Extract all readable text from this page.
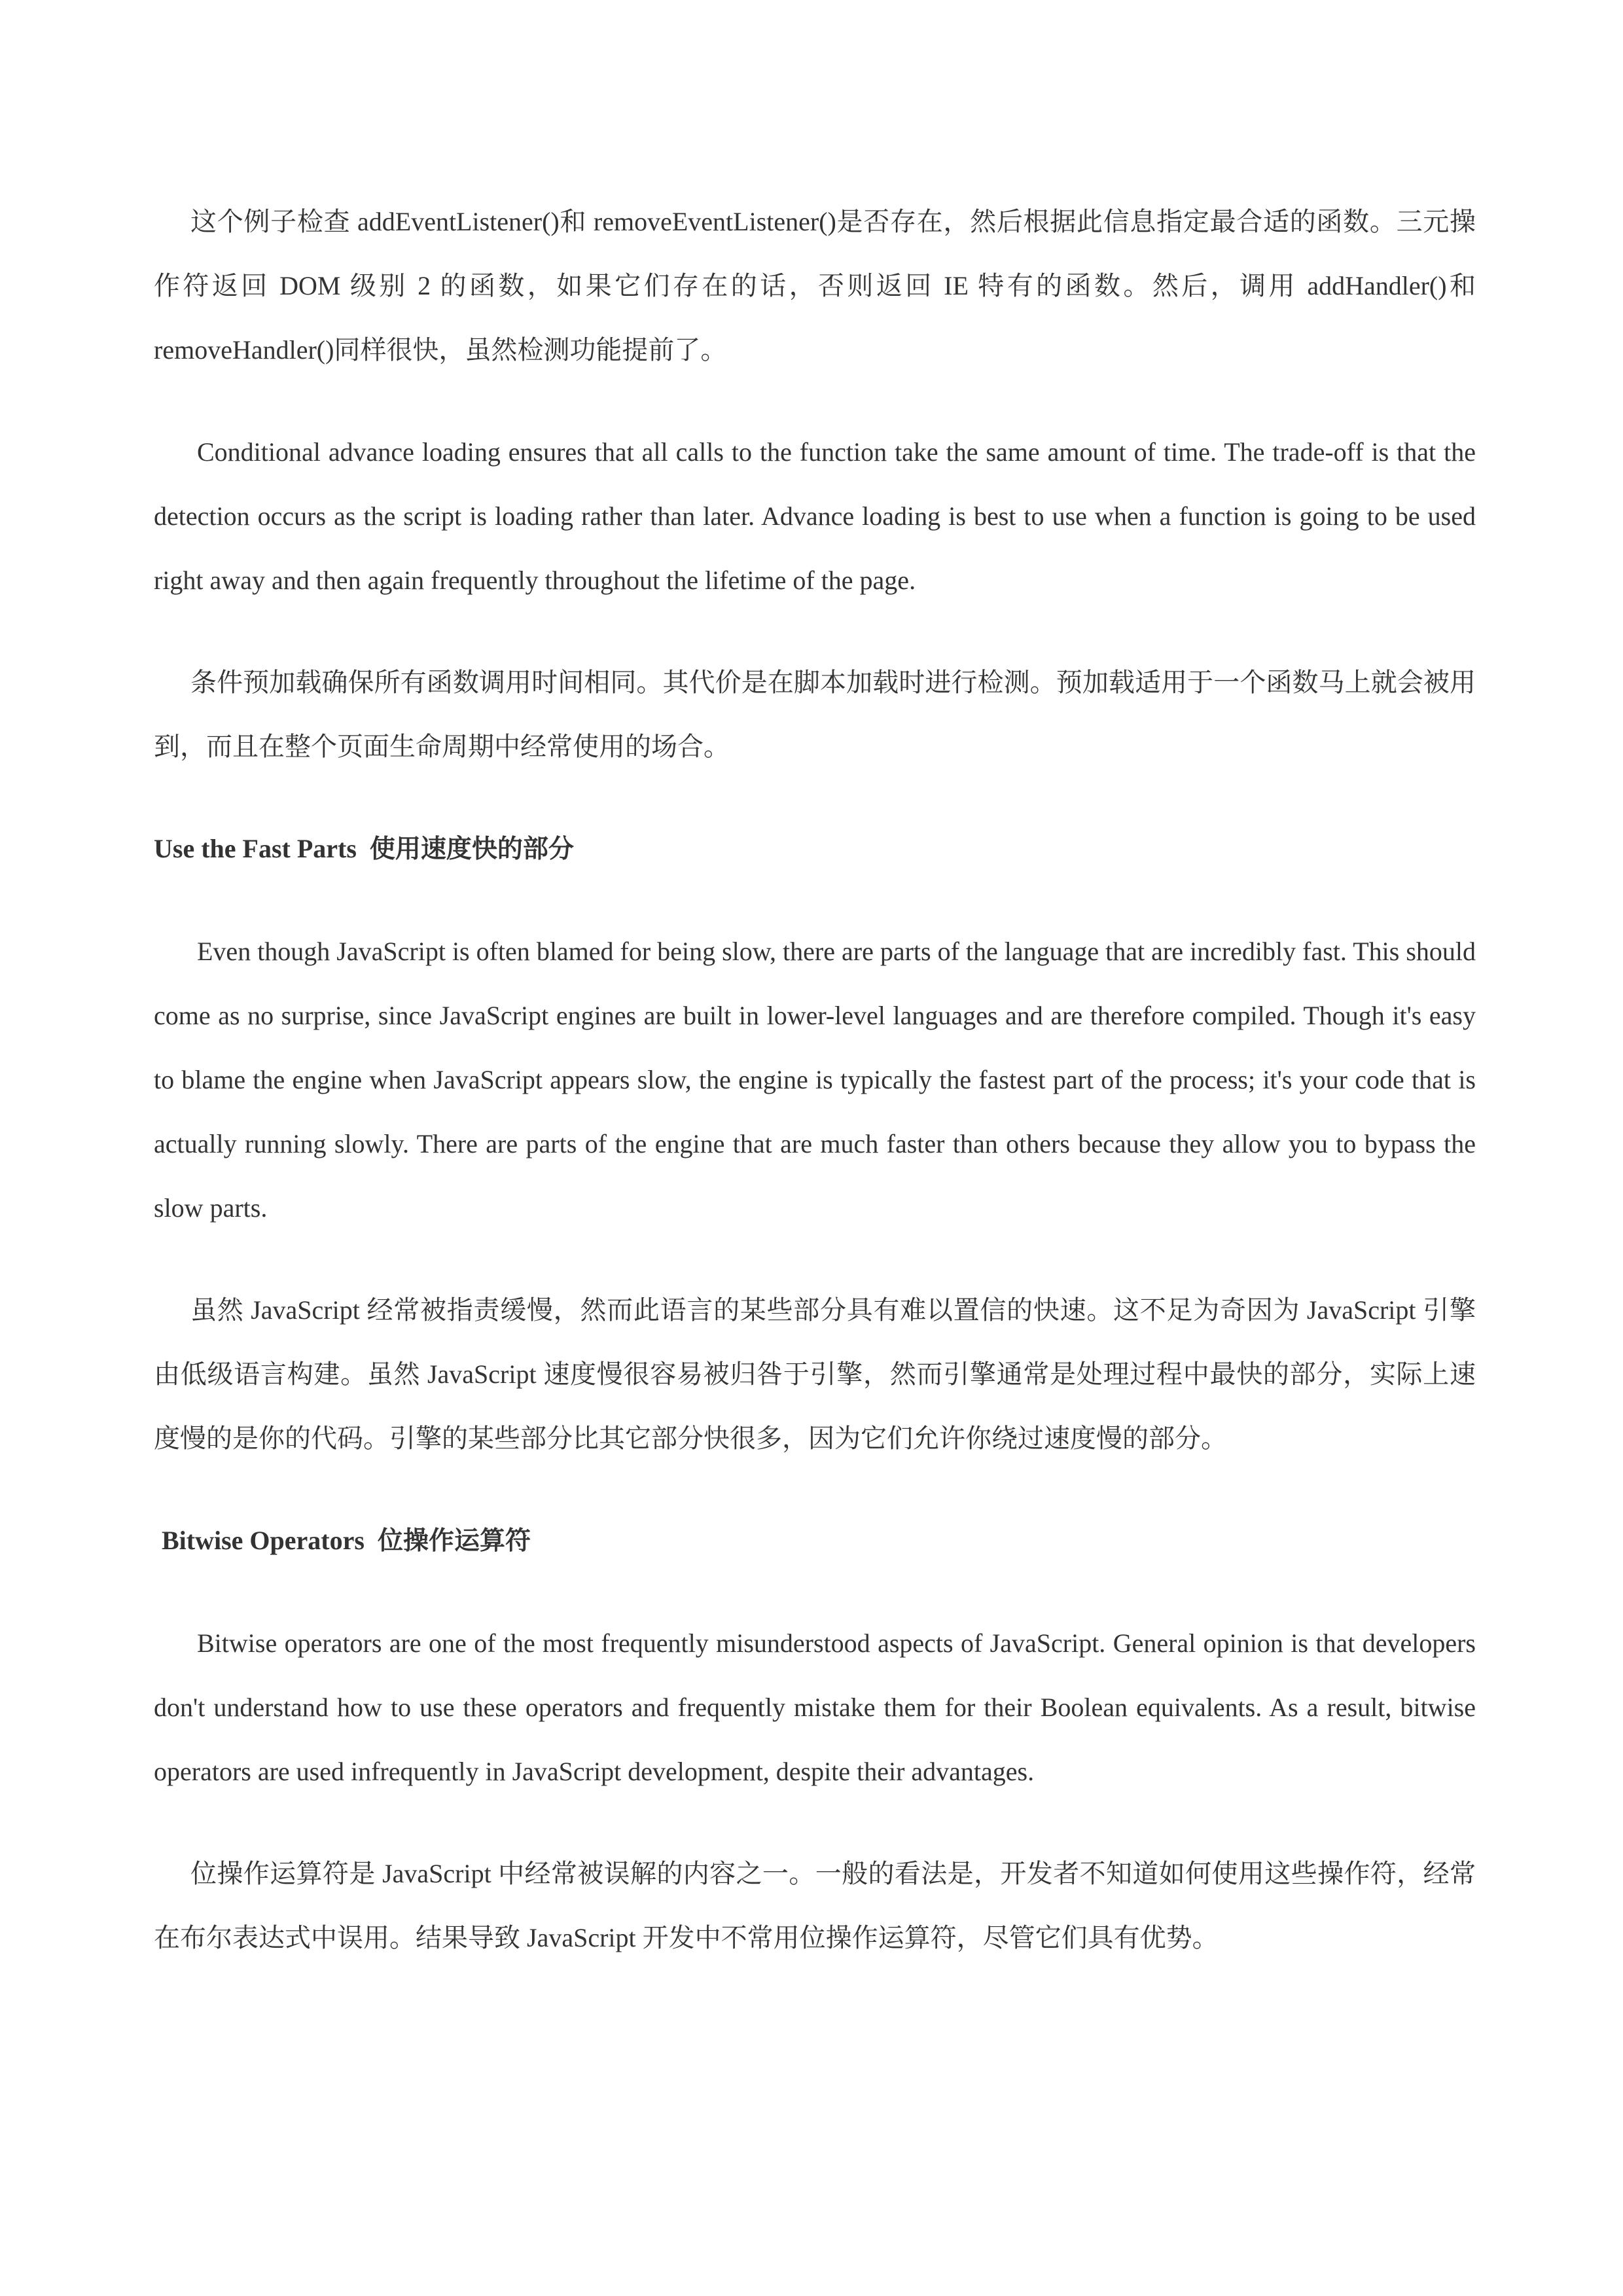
这个例子检查 addEventListener()和 removeEventListener()是否存在，然后根据此信息指定最合适的函数。三元操作符返回 DOM 级别 2 的函数，如果它们存在的话，否则返回 IE 特有的函数。然后，调用 addHandler()和 removeHandler()同样很快，虽然检测功能提前了。

Conditional advance loading ensures that all calls to the function take the same amount of time. The trade-off is that the detection occurs as the script is loading rather than later. Advance loading is best to use when a function is going to be used right away and then again frequently throughout the lifetime of the page.

条件预加载确保所有函数调用时间相同。其代价是在脚本加载时进行检测。预加载适用于一个函数马上就会被用到，而且在整个页面生命周期中经常使用的场合。

Use the Fast Parts 使用速度快的部分

Even though JavaScript is often blamed for being slow, there are parts of the language that are incredibly fast. This should come as no surprise, since JavaScript engines are built in lower-level languages and are therefore compiled. Though it's easy to blame the engine when JavaScript appears slow, the engine is typically the fastest part of the process; it's your code that is actually running slowly. There are parts of the engine that are much faster than others because they allow you to bypass the slow parts.

虽然 JavaScript 经常被指责缓慢，然而此语言的某些部分具有难以置信的快速。这不足为奇因为 JavaScript 引擎由低级语言构建。虽然 JavaScript 速度慢很容易被归咎于引擎，然而引擎通常是处理过程中最快的部分，实际上速度慢的是你的代码。引擎的某些部分比其它部分快很多，因为它们允许你绕过速度慢的部分。

Bitwise Operators 位操作运算符

Bitwise operators are one of the most frequently misunderstood aspects of JavaScript. General opinion is that developers don't understand how to use these operators and frequently mistake them for their Boolean equivalents. As a result, bitwise operators are used infrequently in JavaScript development, despite their advantages.

位操作运算符是 JavaScript 中经常被误解的内容之一。一般的看法是，开发者不知道如何使用这些操作符，经常在布尔表达式中误用。结果导致 JavaScript 开发中不常用位操作运算符，尽管它们具有优势。
